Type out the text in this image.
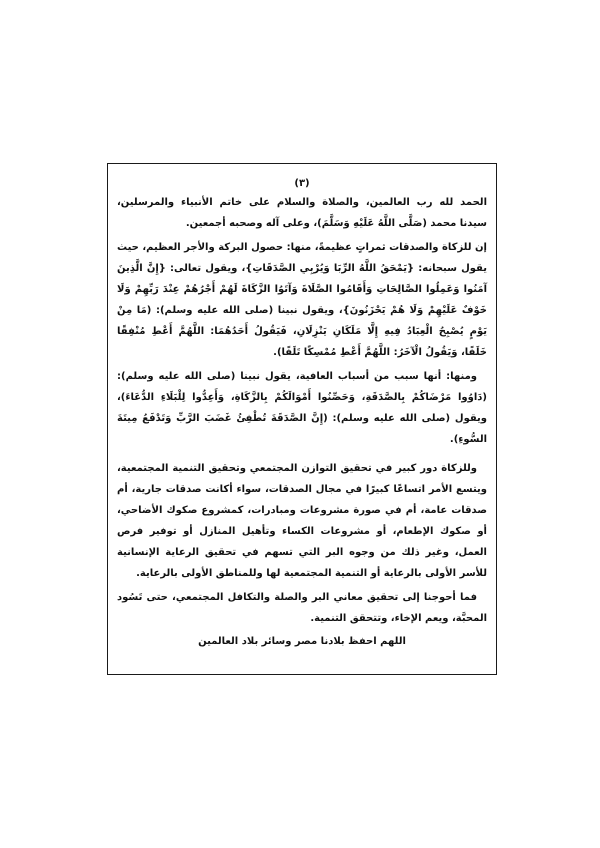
(٣)

الحمد لله رب العالمين، والصلاة والسلام على خاتم الأنبياء والمرسلين، سيدنا محمد (صَلَّى اللَّهُ عَلَيْهِ وَسَلَّمَ)، وعلى آله وصحبه أجمعين.

إن للزكاة والصدقات ثمراتٍ عظيمةً، منها: حصول البركة والأجر العظيم، حيث يقول سبحانه: {يَمْحَقُ اللَّهُ الرِّبَا وَيُرْبِي الصَّدَقَاتِ}، ويقول تعالى: {إِنَّ الَّذِينَ آمَنُوا وَعَمِلُوا الصَّالِحَاتِ وَأَقَامُوا الصَّلَاةَ وَآتَوُا الزَّكَاةَ لَهُمْ أَجْرُهُمْ عِنْدَ رَبِّهِمْ وَلَا خَوْفٌ عَلَيْهِمْ وَلَا هُمْ يَحْزَنُونَ}، ويقول نبينا (صلى الله عليه وسلم): (مَا مِنْ يَوْمٍ يُصْبِحُ الْعِبَادُ فِيهِ إِلَّا مَلَكَانِ يَنْزِلَانِ، فَيَقُولُ أَحَدُهُمَا: اللَّهُمَّ أَعْطِ مُنْفِقًا خَلَفًا، وَيَقُولُ الْآخَرُ: اللَّهُمَّ أَعْطِ مُمْسِكًا تَلَفًا).

ومنها: أنها سبب من أسباب العافية، يقول نبينا (صلى الله عليه وسلم): (دَاوُوا مَرْضَاكُمْ بِالصَّدَقَةِ، وَحَصِّنُوا أَمْوَالَكُمْ بِالزَّكَاةِ، وَأَعِدُّوا لِلْبَلَاءِ الدُّعَاءَ)، ويقول (صلى الله عليه وسلم): (إِنَّ الصَّدَقَةَ تُطْفِئُ غَضَبَ الرَّبِّ وَتَدْفَعُ مِيتَةَ السُّوءِ).

وللزكاة دور كبير في تحقيق التوازن المجتمعي وتحقيق التنمية المجتمعية، ويتسع الأمر اتساعًا كبيرًا في مجال الصدقات، سواء أكانت صدقات جارية، أم صدقات عامة، أم في صورة مشروعات ومبادرات، كمشروع صكوك الأضاحي، أو صكوك الإطعام، أو مشروعات الكساء وتأهيل المنازل أو توفير فرص العمل، وغير ذلك من وجوه البر التي تسهم في تحقيق الرعاية الإنسانية للأسر الأولى بالرعاية أو التنمية المجتمعية لها وللمناطق الأولى بالرعاية.

فما أحوجنا إلى تحقيق معاني البر والصلة والتكافل المجتمعي، حتى تَسُود المحبَّة، ويعم الإخاء، وتتحقق التنمية.

اللهم احفظ بلادنا مصر وسائر بلاد العالمين
